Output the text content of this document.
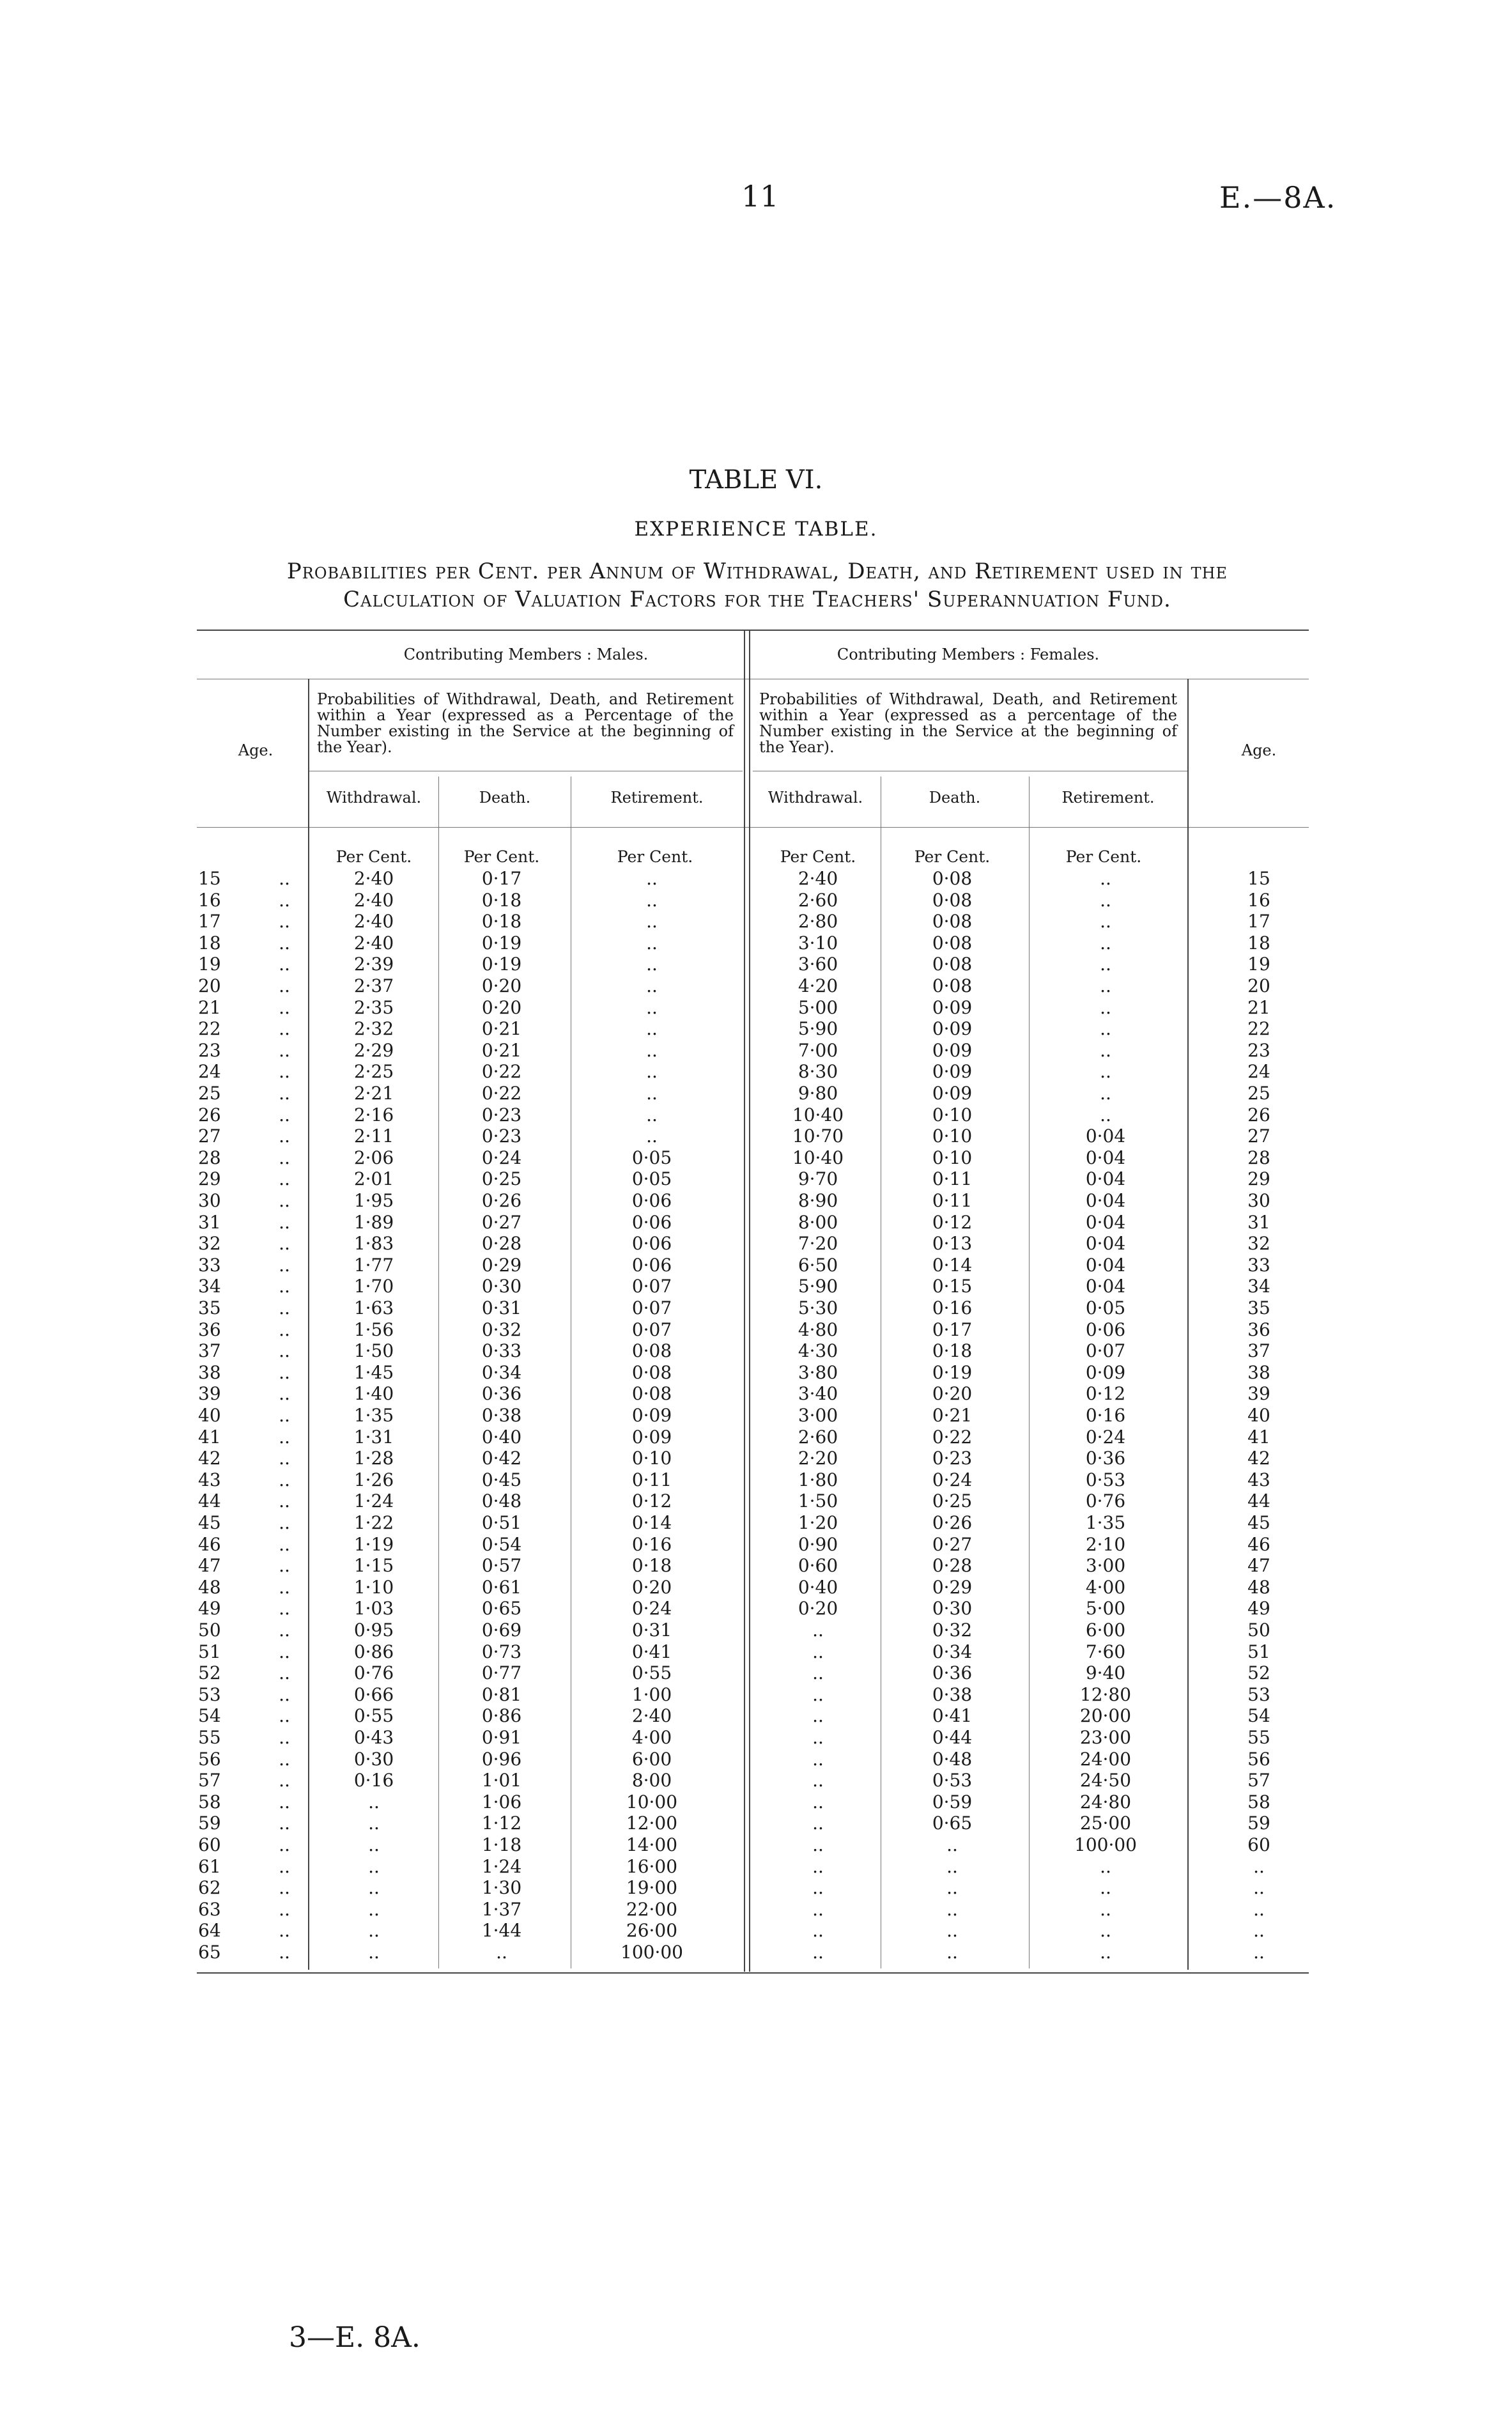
11	E.—8A.
TABLE VI.
EXPERIENCE TABLE.
Probabilities per Cent. per Annum of Withdrawal, Death, and Retirement used in the
Calculation of Valuation Factors for the Teachers' Superannuation Fund.
Contributing Members : Males.	Contributing Members : Females.
Age.	Age.
Probabilities of Withdrawal, Death, and Retirement within a Year (expressed as a Percentage of the Number existing in the Service at the beginning of the Year).
Probabilities of Withdrawal, Death, and Retirement within a Year (expressed as a percentage of the Number existing in the Service at the beginning of the Year).
Withdrawal.	Death.	Retirement.	Withdrawal.	Death.	Retirement.
Per Cent.	Per Cent.	Per Cent.	Per Cent.	Per Cent.	Per Cent.
15	..	2·40	0·17	..	2·40	0·08	..	15
16	..	2·40	0·18	..	2·60	0·08	..	16
17	..	2·40	0·18	..	2·80	0·08	..	17
18	..	2·40	0·19	..	3·10	0·08	..	18
19	..	2·39	0·19	..	3·60	0·08	..	19
20	..	2·37	0·20	..	4·20	0·08	..	20
21	..	2·35	0·20	..	5·00	0·09	..	21
22	..	2·32	0·21	..	5·90	0·09	..	22
23	..	2·29	0·21	..	7·00	0·09	..	23
24	..	2·25	0·22	..	8·30	0·09	..	24
25	..	2·21	0·22	..	9·80	0·09	..	25
26	..	2·16	0·23	..	10·40	0·10	..	26
27	..	2·11	0·23	..	10·70	0·10	0·04	27
28	..	2·06	0·24	0·05	10·40	0·10	0·04	28
29	..	2·01	0·25	0·05	9·70	0·11	0·04	29
30	..	1·95	0·26	0·06	8·90	0·11	0·04	30
31	..	1·89	0·27	0·06	8·00	0·12	0·04	31
32	..	1·83	0·28	0·06	7·20	0·13	0·04	32
33	..	1·77	0·29	0·06	6·50	0·14	0·04	33
34	..	1·70	0·30	0·07	5·90	0·15	0·04	34
35	..	1·63	0·31	0·07	5·30	0·16	0·05	35
36	..	1·56	0·32	0·07	4·80	0·17	0·06	36
37	..	1·50	0·33	0·08	4·30	0·18	0·07	37
38	..	1·45	0·34	0·08	3·80	0·19	0·09	38
39	..	1·40	0·36	0·08	3·40	0·20	0·12	39
40	..	1·35	0·38	0·09	3·00	0·21	0·16	40
41	..	1·31	0·40	0·09	2·60	0·22	0·24	41
42	..	1·28	0·42	0·10	2·20	0·23	0·36	42
43	..	1·26	0·45	0·11	1·80	0·24	0·53	43
44	..	1·24	0·48	0·12	1·50	0·25	0·76	44
45	..	1·22	0·51	0·14	1·20	0·26	1·35	45
46	..	1·19	0·54	0·16	0·90	0·27	2·10	46
47	..	1·15	0·57	0·18	0·60	0·28	3·00	47
48	..	1·10	0·61	0·20	0·40	0·29	4·00	48
49	..	1·03	0·65	0·24	0·20	0·30	5·00	49
50	..	0·95	0·69	0·31	..	0·32	6·00	50
51	..	0·86	0·73	0·41	..	0·34	7·60	51
52	..	0·76	0·77	0·55	..	0·36	9·40	52
53	..	0·66	0·81	1·00	..	0·38	12·80	53
54	..	0·55	0·86	2·40	..	0·41	20·00	54
55	..	0·43	0·91	4·00	..	0·44	23·00	55
56	..	0·30	0·96	6·00	..	0·48	24·00	56
57	..	0·16	1·01	8·00	..	0·53	24·50	57
58	..	..	1·06	10·00	..	0·59	24·80	58
59	..	..	1·12	12·00	..	0·65	25·00	59
60	..	..	1·18	14·00	..	..	100·00	60
61	..	..	1·24	16·00	..	..	..	..
62	..	..	1·30	19·00	..	..	..	..
63	..	..	1·37	22·00	..	..	..	..
64	..	..	1·44	26·00	..	..	..	..
65	..	..	..	100·00	..	..	..	..
3—E. 8A.
